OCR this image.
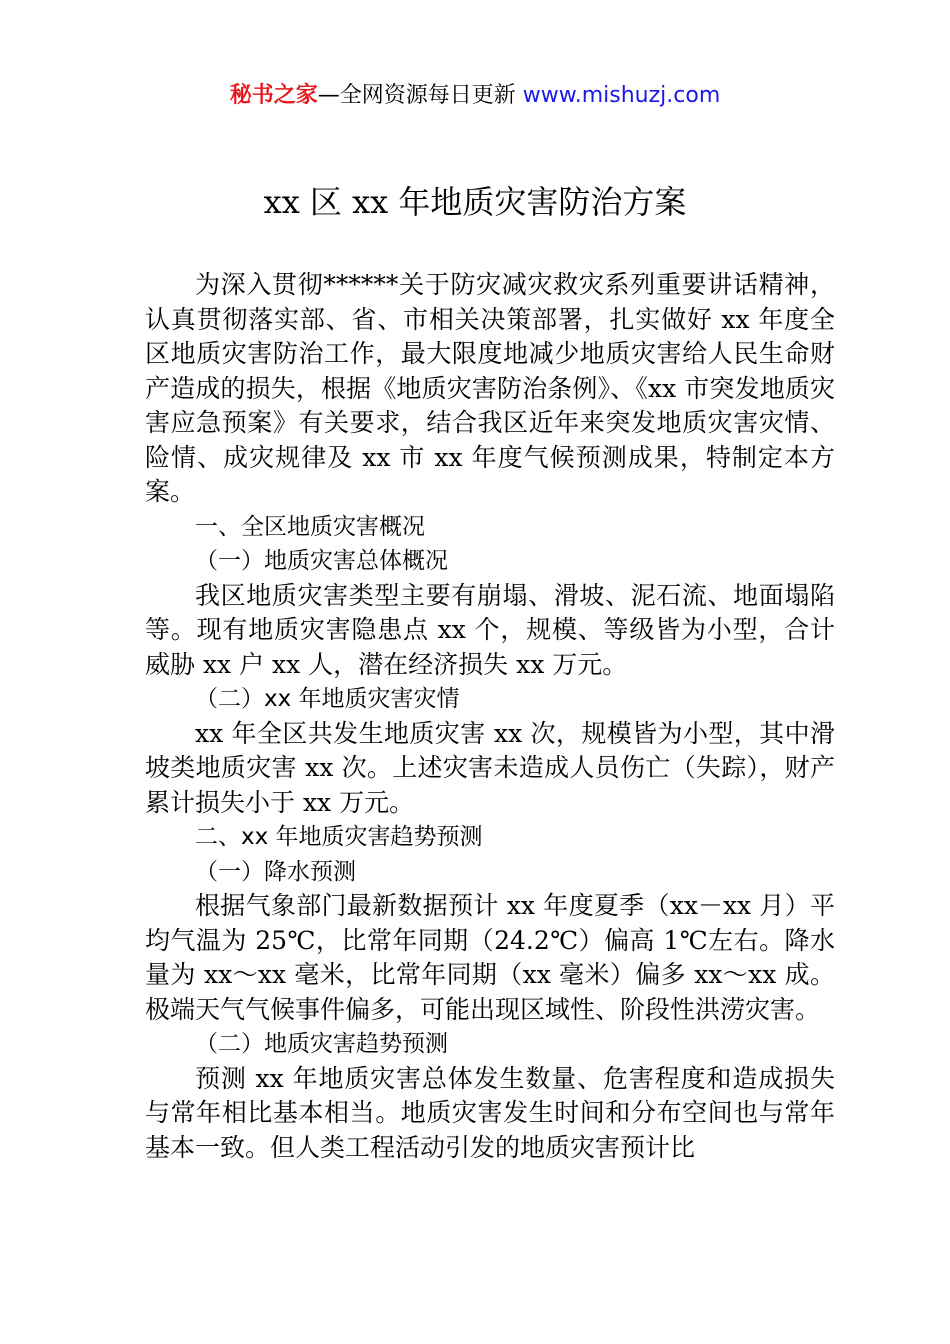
秘书之家—全网资源每日更新 www.mishuzj.com
xx 区 xx 年地质灾害防治方案

为深入贯彻******关于防灾减灾救灾系列重要讲话精神，认真贯彻落实部、省、市相关决策部署，扎实做好 xx 年度全区地质灾害防治工作，最大限度地减少地质灾害给人民生命财产造成的损失，根据《地质灾害防治条例》、《xx 市突发地质灾害应急预案》有关要求，结合我区近年来突发地质灾害灾情、险情、成灾规律及 xx 市 xx 年度气候预测成果，特制定本方案。

一、全区地质灾害概况

（一）地质灾害总体概况

我区地质灾害类型主要有崩塌、滑坡、泥石流、地面塌陷等。现有地质灾害隐患点 xx 个，规模、等级皆为小型，合计威胁 xx 户 xx 人，潜在经济损失 xx 万元。

（二）xx 年地质灾害灾情

xx 年全区共发生地质灾害 xx 次，规模皆为小型，其中滑坡类地质灾害 xx 次。上述灾害未造成人员伤亡（失踪），财产累计损失小于 xx 万元。

二、xx 年地质灾害趋势预测

（一）降水预测

根据气象部门最新数据预计 xx 年度夏季（xx－xx 月）平均气温为 25℃，比常年同期（24.2℃）偏高 1℃左右。降水量为 xx～xx 毫米，比常年同期（xx 毫米）偏多 xx～xx 成。极端天气气候事件偏多，可能出现区域性、阶段性洪涝灾害。

（二）地质灾害趋势预测

预测 xx 年地质灾害总体发生数量、危害程度和造成损失与常年相比基本相当。地质灾害发生时间和分布空间也与常年基本一致。但人类工程活动引发的地质灾害预计比
